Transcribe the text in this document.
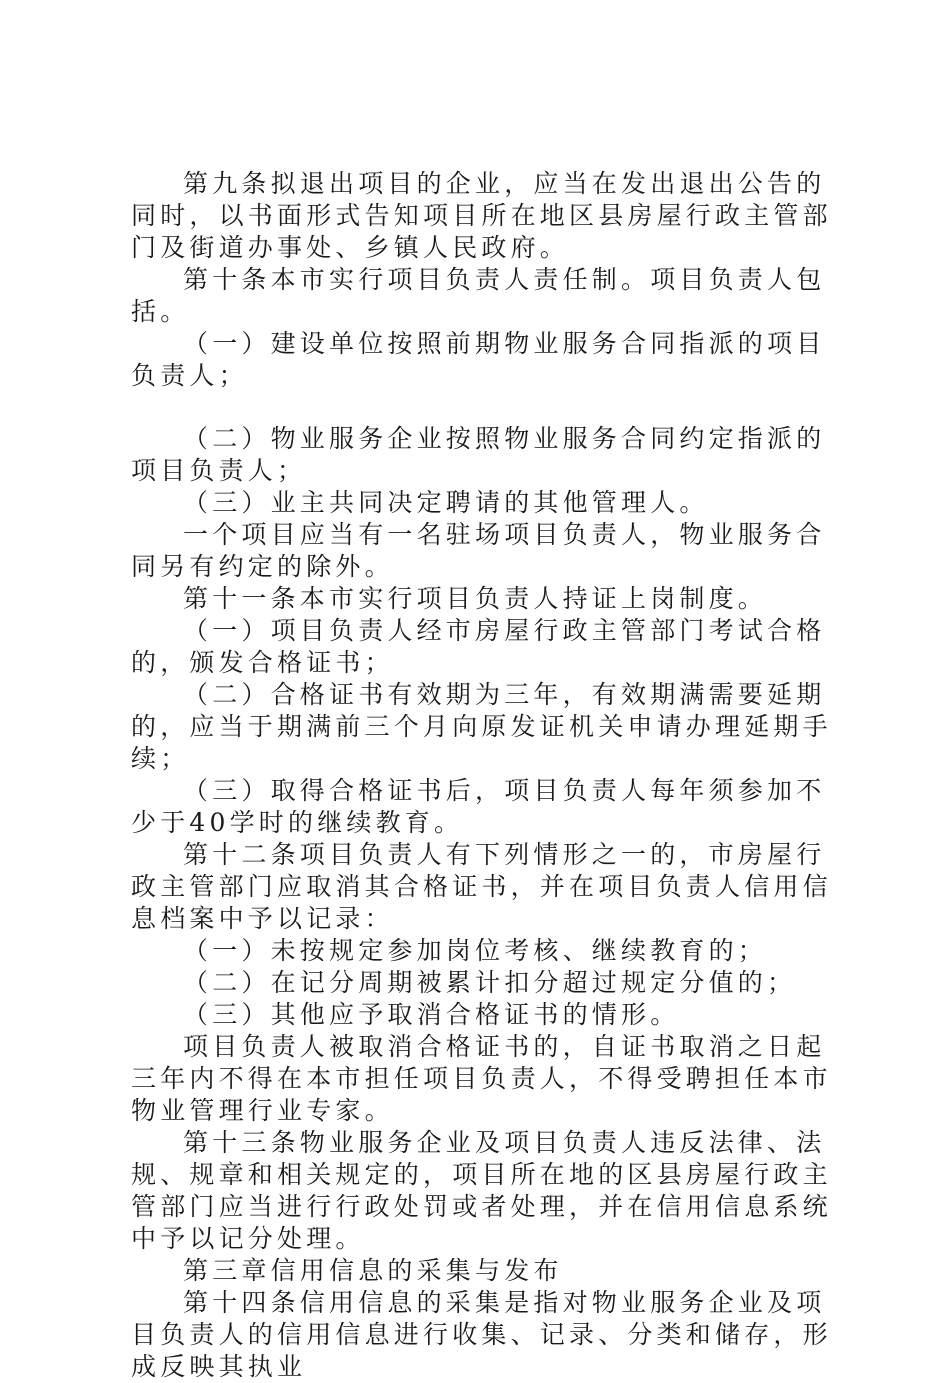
第九条拟退出项目的企业，应当在发出退出公告的同时，以书面形式告知项目所在地区县房屋行政主管部门及街道办事处、乡镇人民政府。

第十条本市实行项目负责人责任制。项目负责人包括。

（一）建设单位按照前期物业服务合同指派的项目负责人；

（二）物业服务企业按照物业服务合同约定指派的项目负责人；

（三）业主共同决定聘请的其他管理人。

一个项目应当有一名驻场项目负责人，物业服务合同另有约定的除外。

第十一条本市实行项目负责人持证上岗制度。

（一）项目负责人经市房屋行政主管部门考试合格的，颁发合格证书；

（二）合格证书有效期为三年，有效期满需要延期的，应当于期满前三个月向原发证机关申请办理延期手续；

（三）取得合格证书后，项目负责人每年须参加不少于40学时的继续教育。

第十二条项目负责人有下列情形之一的，市房屋行政主管部门应取消其合格证书，并在项目负责人信用信息档案中予以记录：

（一）未按规定参加岗位考核、继续教育的；

（二）在记分周期被累计扣分超过规定分值的；

（三）其他应予取消合格证书的情形。

项目负责人被取消合格证书的，自证书取消之日起三年内不得在本市担任项目负责人，不得受聘担任本市物业管理行业专家。

第十三条物业服务企业及项目负责人违反法律、法规、规章和相关规定的，项目所在地的区县房屋行政主管部门应当进行行政处罚或者处理，并在信用信息系统中予以记分处理。

第三章信用信息的采集与发布

第十四条信用信息的采集是指对物业服务企业及项目负责人的信用信息进行收集、记录、分类和储存，形成反映其执业
